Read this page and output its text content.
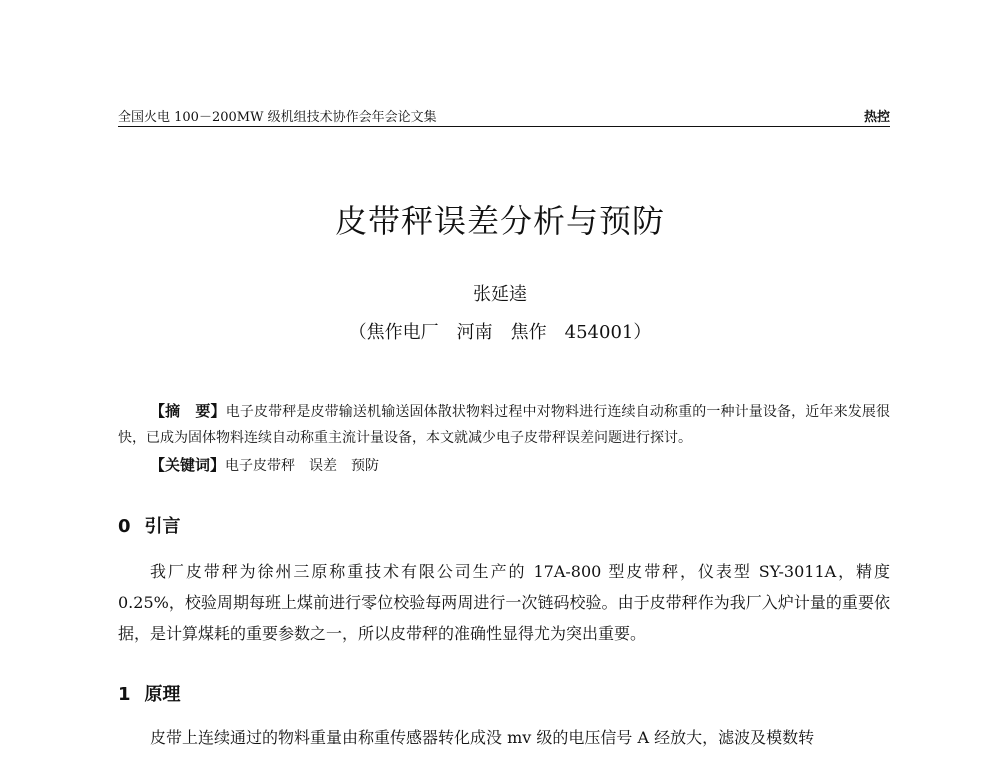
全国火电 100－200MW 级机组技术协作会年会论文集	热控
皮带秤误差分析与预防
张延逵
（焦作电厂　河南　焦作　454001）

【摘　要】电子皮带秤是皮带输送机输送固体散状物料过程中对物料进行连续自动称重的一种计量设备，近年来发展很快，已成为固体物料连续自动称重主流计量设备，本文就减少电子皮带秤误差问题进行探讨。

【关键词】电子皮带秤　误差　预防
0 引言

我厂皮带秤为徐州三原称重技术有限公司生产的 17A-800 型皮带秤，仪表型 SY-3011A，精度 0.25%，校验周期每班上煤前进行零位校验每两周进行一次链码校验。由于皮带秤作为我厂入炉计量的重要依据，是计算煤耗的重要参数之一，所以皮带秤的准确性显得尤为突出重要。

1 原理

皮带上连续通过的物料重量由称重传感器转化成没 mv 级的电压信号 A 经放大，滤波及模数转
